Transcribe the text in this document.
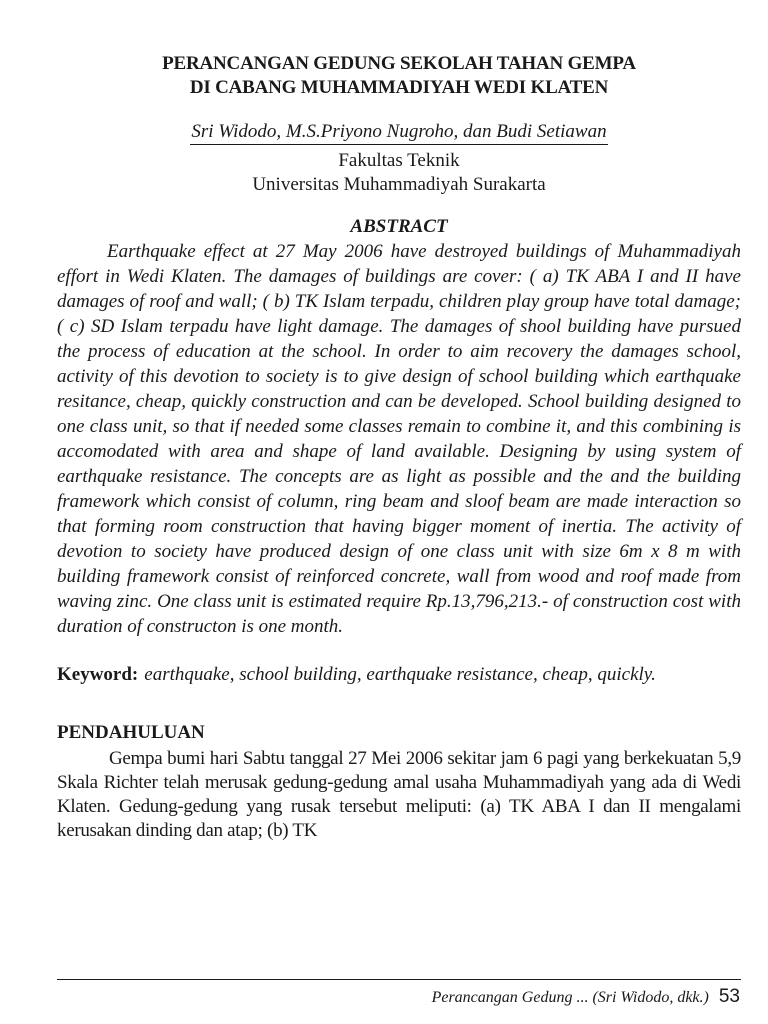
PERANCANGAN GEDUNG SEKOLAH TAHAN GEMPA
DI CABANG MUHAMMADIYAH WEDI KLATEN
Sri Widodo, M.S.Priyono Nugroho, dan Budi Setiawan
Fakultas Teknik
Universitas Muhammadiyah Surakarta
ABSTRACT

Earthquake effect at 27 May 2006 have destroyed buildings of Muhammadiyah effort in Wedi Klaten. The damages of buildings are cover: ( a) TK ABA I and II have damages of roof and wall; ( b) TK Islam terpadu, children play group have total damage; ( c) SD Islam terpadu have light damage. The damages of shool building have pursued the process of education at the school. In order to aim recovery the damages school, activity of this devotion to society is to give design of school building which earthquake resitance, cheap, quickly construction and can be developed. School building designed to one class unit, so that if needed some classes remain to combine it, and this combining is accomodated with area and shape of land available. Designing by using system of earthquake resistance. The concepts are as light as possible and the and the building framework which consist of column, ring beam and sloof beam are made interaction so that forming room construction that having bigger moment of inertia. The activity of devotion to society have produced design of one class unit with size 6m x 8 m with building framework consist of reinforced concrete, wall from wood and roof made from waving zinc. One class unit is estimated require Rp.13,796,213.- of construction cost with duration of constructon is one month.

Keyword: earthquake, school building, earthquake resistance, cheap, quickly.
PENDAHULUAN

Gempa bumi hari Sabtu tanggal 27 Mei 2006 sekitar jam 6 pagi yang berkekuatan 5,9 Skala Richter telah merusak gedung-gedung amal usaha Muhammadiyah yang ada di Wedi Klaten. Gedung-gedung yang rusak tersebut meliputi: (a) TK ABA I dan II mengalami kerusakan dinding dan atap; (b) TK

Perancangan Gedung ... (Sri Widodo, dkk.) 53
